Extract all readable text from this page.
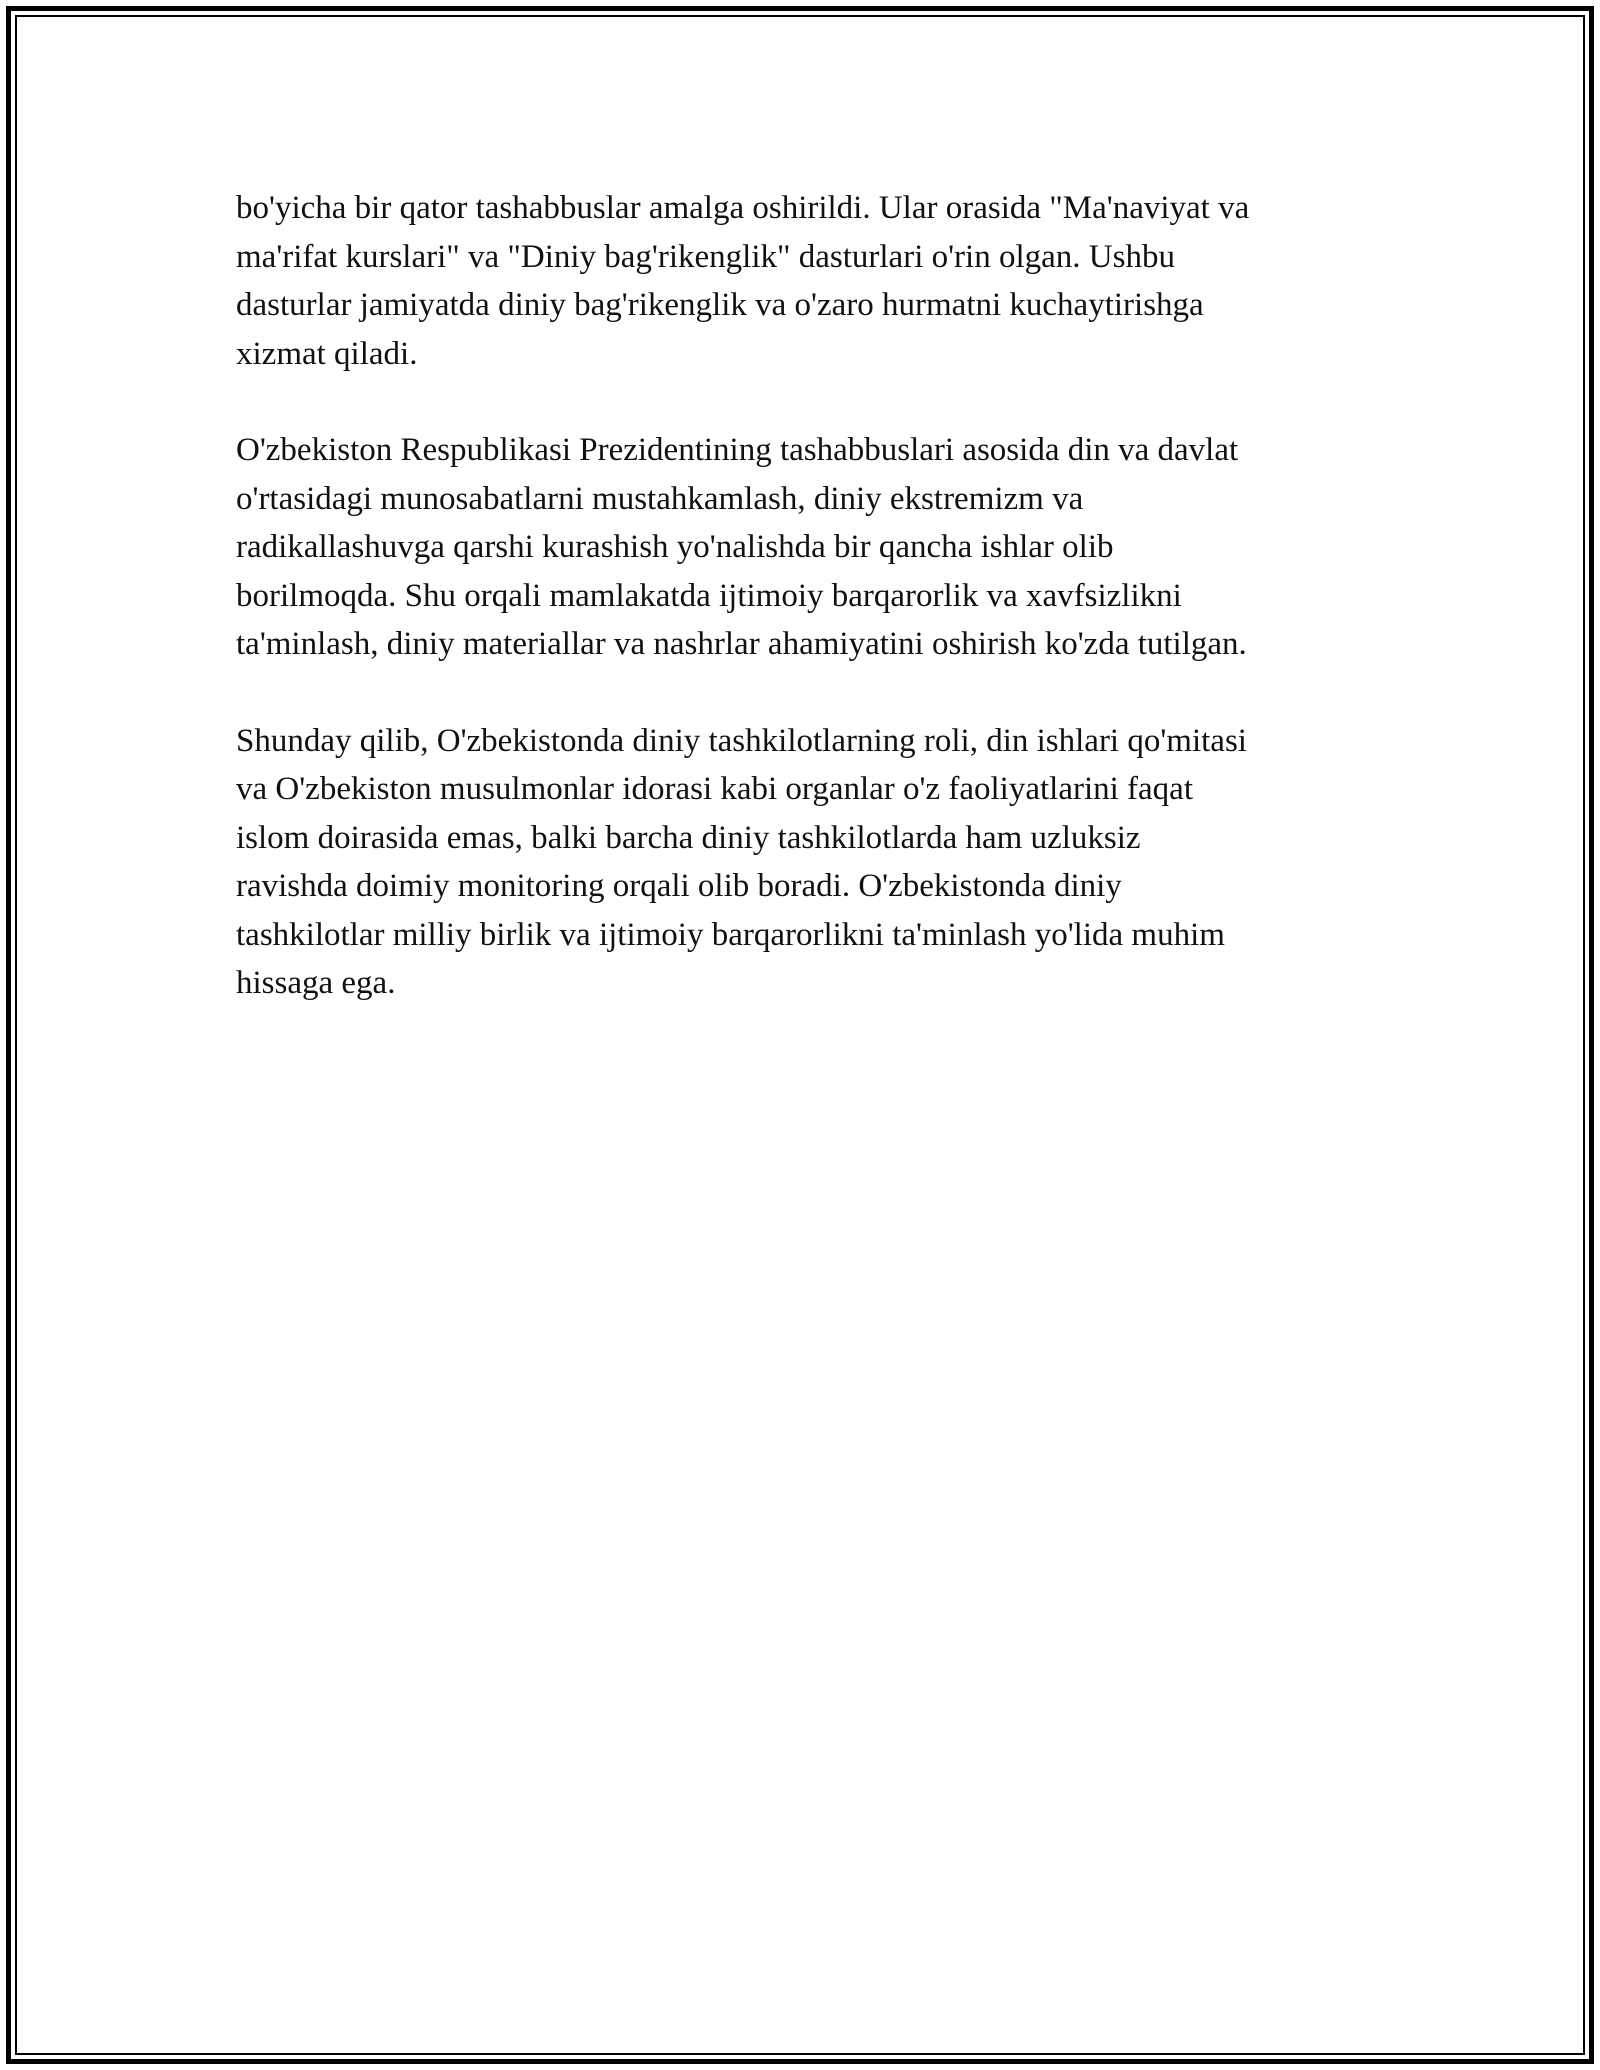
bo'yicha bir qator tashabbuslar amalga oshirildi. Ular orasida "Ma'naviyat va
ma'rifat kurslari" va "Diniy bag'rikenglik" dasturlari o'rin olgan. Ushbu
dasturlar jamiyatda diniy bag'rikenglik va o'zaro hurmatni kuchaytirishga
xizmat qiladi.

O'zbekiston Respublikasi Prezidentining tashabbuslari asosida din va davlat
o'rtasidagi munosabatlarni mustahkamlash, diniy ekstremizm va
radikallashuvga qarshi kurashish yo'nalishda bir qancha ishlar olib
borilmoqda. Shu orqali mamlakatda ijtimoiy barqarorlik va xavfsizlikni
ta'minlash, diniy materiallar va nashrlar ahamiyatini oshirish ko'zda tutilgan.

Shunday qilib, O'zbekistonda diniy tashkilotlarning roli, din ishlari qo'mitasi
va O'zbekiston musulmonlar idorasi kabi organlar o'z faoliyatlarini faqat
islom doirasida emas, balki barcha diniy tashkilotlarda ham uzluksiz
ravishda doimiy monitoring orqali olib boradi. O'zbekistonda diniy
tashkilotlar milliy birlik va ijtimoiy barqarorlikni ta'minlash yo'lida muhim
hissaga ega.
